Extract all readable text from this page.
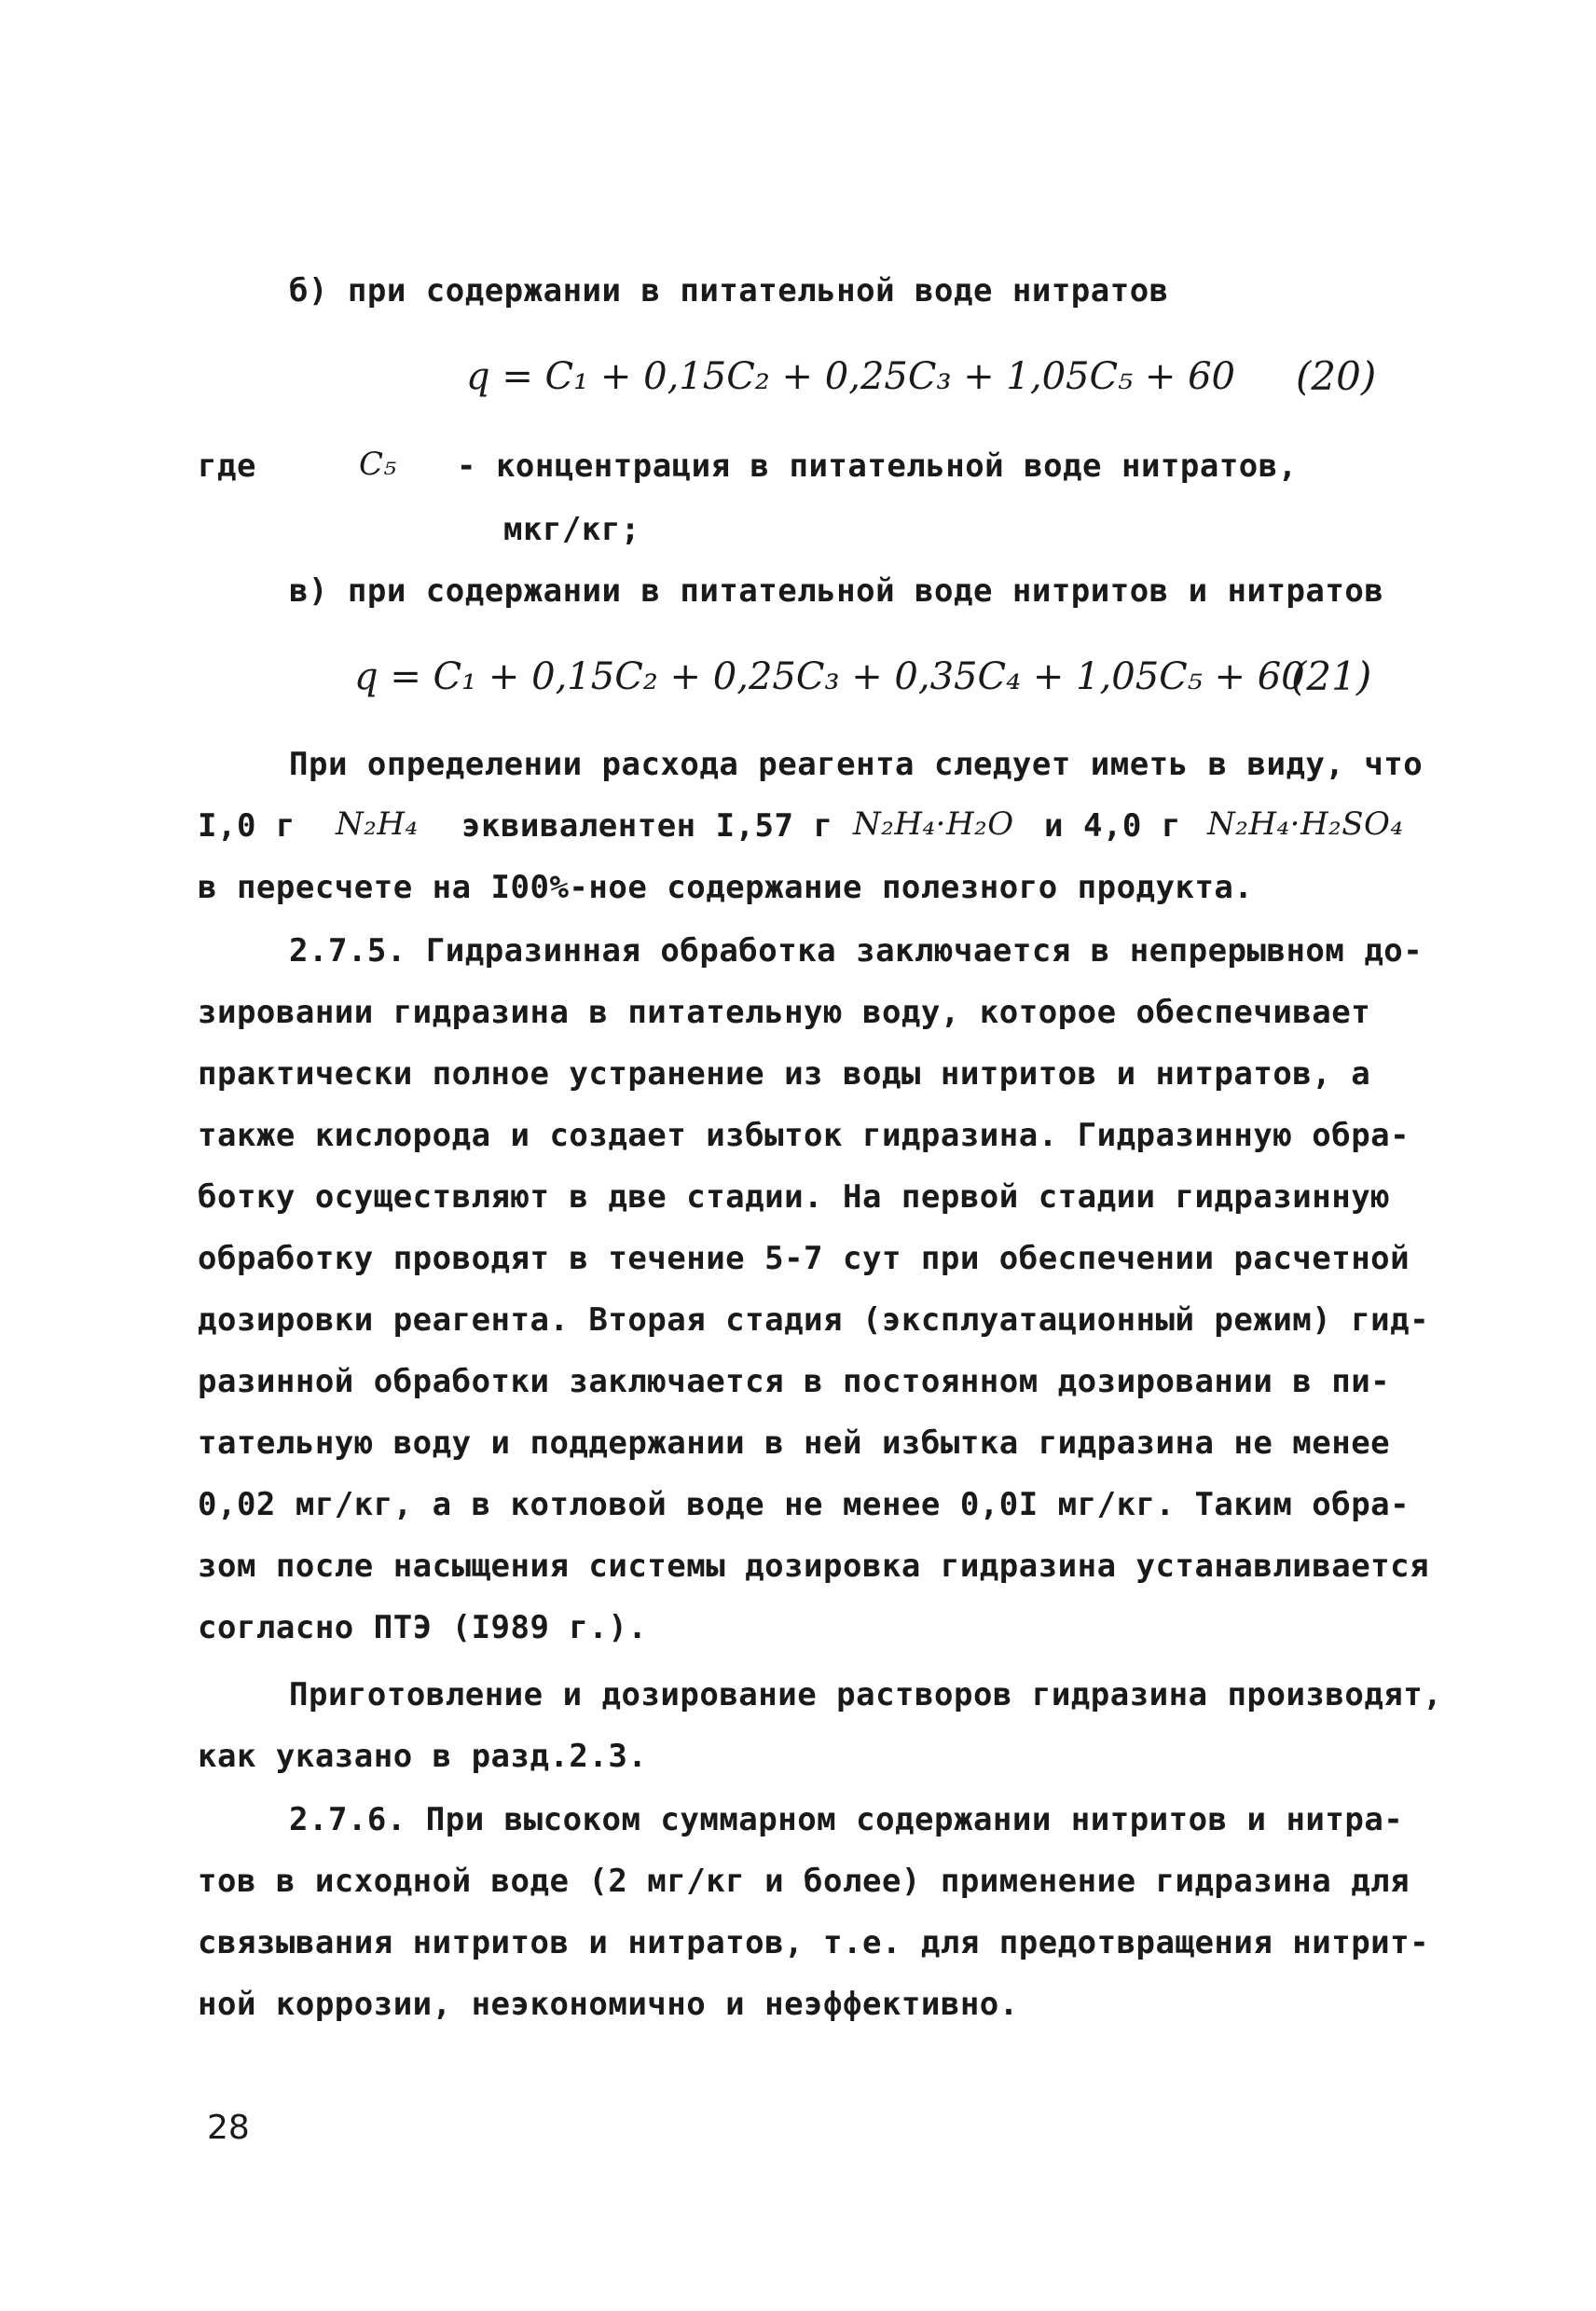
б) при содержании в питательной воде нитратов
q = C₁ + 0,15C₂ + 0,25C₃ + 1,05C₅ + 60 (20)
где	C₅ - концентрация в питательной воде нитратов,
мкг/кг;
в) при содержании в питательной воде нитритов и нитратов
q = C₁ + 0,15C₂ + 0,25C₃ + 0,35C₄ + 1,05C₅ + 60
(21)
При определении расхода реагента следует иметь в виду, что
I,0 г N₂H₄ эквивалентен I,57 г N₂H₄·H₂O и 4,0 г N₂H₄·H₂SO₄
в пересчете на I00%-ное содержание полезного продукта.
2.7.5. Гидразинная обработка заключается в непрерывном до-
зировании гидразина в питательную воду, которое обеспечивает
практически полное устранение из воды нитритов и нитратов, а
также кислорода и создает избыток гидразина. Гидразинную обра-
ботку осуществляют в две стадии. На первой стадии гидразинную
обработку проводят в течение 5-7 сут при обеспечении расчетной
дозировки реагента. Вторая стадия (эксплуатационный режим) гид-
разинной обработки заключается в постоянном дозировании в пи-
тательную воду и поддержании в ней избытка гидразина не менее
0,02 мг/кг, а в котловой воде не менее 0,0I мг/кг. Таким обра-
зом после насыщения системы дозировка гидразина устанавливается
согласно ПТЭ (I989 г.).
Приготовление и дозирование растворов гидразина производят,
как указано в разд.2.3.
2.7.6. При высоком суммарном содержании нитритов и нитра-
тов в исходной воде (2 мг/кг и более) применение гидразина для
связывания нитритов и нитратов, т.е. для предотвращения нитрит-
ной коррозии, неэкономично и неэффективно.
28
